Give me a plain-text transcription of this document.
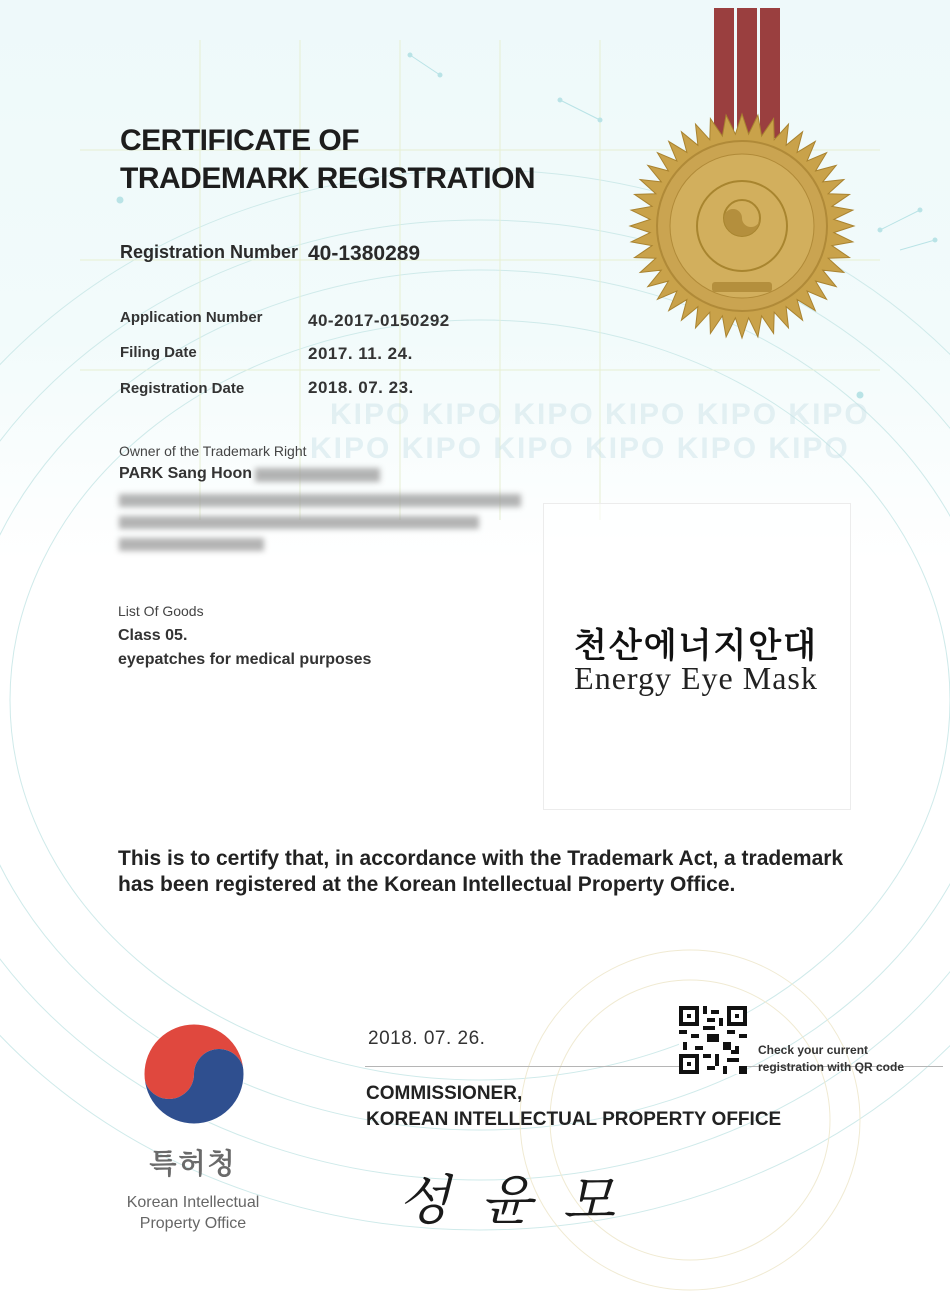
KIPO KIPO KIPO KIPO KIPO KIPO
KIPO KIPO KIPO KIPO KIPO KIPO
CERTIFICATE OF
TRADEMARK REGISTRATION
Registration Number 40-1380289
Application Number	40-2017-0150292
Filing Date	2017. 11. 24.
Registration Date	2018. 07. 23.
Owner of the Trademark Right
PARK Sang Hoon
List Of Goods
Class 05.
eyepatches for medical purposes	천산에너지안대
Energy Eye Mask
This is to certify that, in accordance with the Trademark Act, a trademark has been registered at the Korean Intellectual Property Office.
특허청
Korean Intellectual
Property Office
2018. 07. 26.
Check your current
registration with QR code
COMMISSIONER,
KOREAN INTELLECTUAL PROPERTY OFFICE
성윤모
